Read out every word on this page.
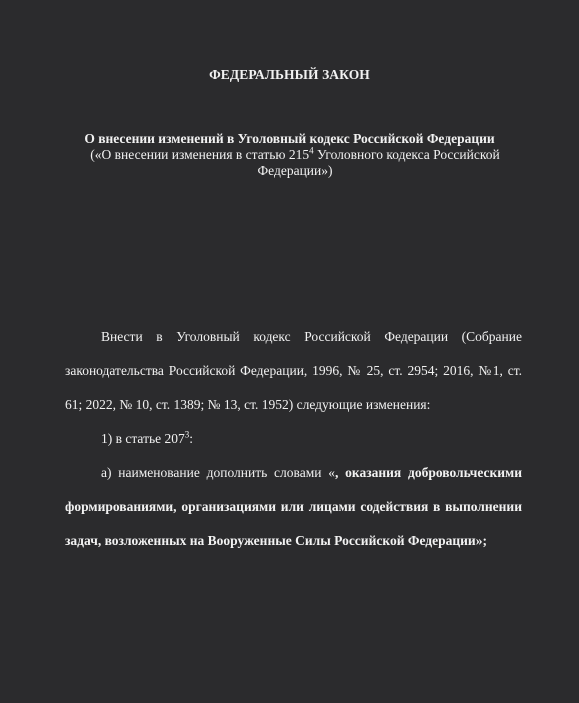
ФЕДЕРАЛЬНЫЙ ЗАКОН
О внесении изменений в Уголовный кодекс Российской Федерации
(«О внесении изменения в статью $215^4$ Уголовного кодекса Российской Федерации»)
Внести в Уголовный кодекс Российской Федерации (Собрание законодательства Российской Федерации, 1996, № 25, ст. 2954; 2016, №1, ст. 61; 2022, № 10, ст. 1389; № 13, ст. 1952) следующие изменения:
1) в статье $207^3$:
а) наименование дополнить словами «, оказания добровольческими формированиями, организациями или лицами содействия в выполнении задач, возложенных на Вооруженные Силы Российской Федерации»;
